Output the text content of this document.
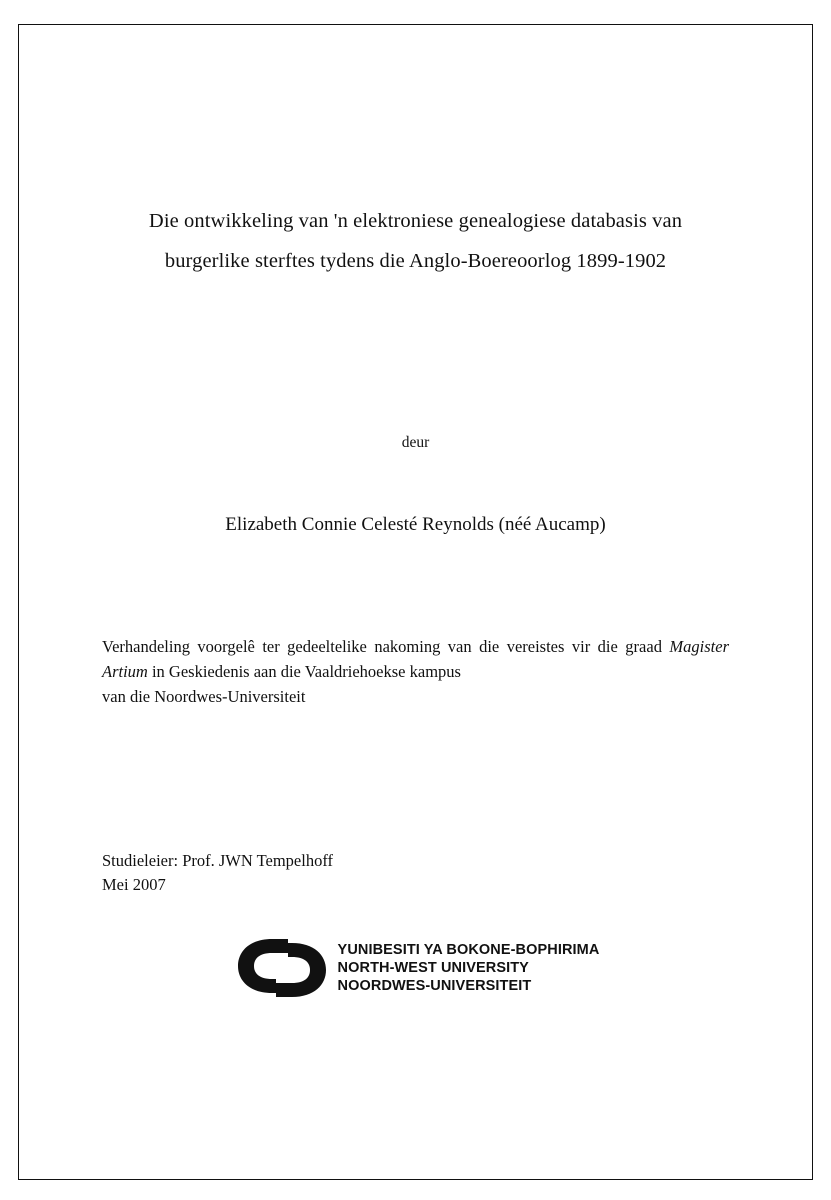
Die ontwikkeling van 'n elektroniese genealogiese databasis van
burgerlike sterftes tydens die Anglo-Boereoorlog 1899-1902
deur
Elizabeth Connie Celesté Reynolds (néé Aucamp)
Verhandeling voorgelê ter gedeeltelike nakoming van die vereistes vir die graad Magister Artium in Geskiedenis aan die Vaaldriehoekse kampus
van die Noordwes-Universiteit
Studieleier: Prof. JWN Tempelhoff
Mei 2007
YUNIBESITI YA BOKONE-BOPHIRIMA
NORTH-WEST UNIVERSITY
NOORDWES-UNIVERSITEIT
